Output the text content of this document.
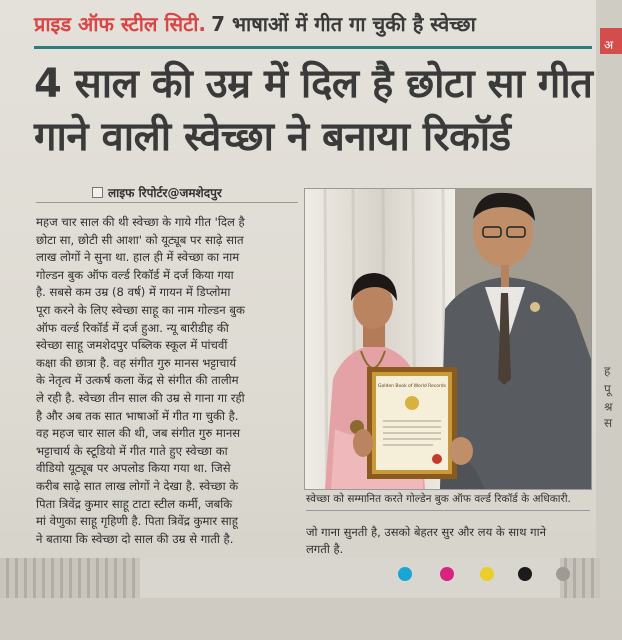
अ
ह
पू
श्र
स
प्राइड ऑफ स्टील सिटी. 7 भाषाओं में गीत गा चुकी है स्वेच्छा
4 साल की उम्र में दिल है छोटा सा गीत
गाने वाली स्वेच्छा ने बनाया रिकॉर्ड
लाइफ रिपोर्टर@जमशेदपुर
महज चार साल की थी स्वेच्छा के गाये गीत 'दिल है
छोटा सा, छोटी सी आशा' को यूट्यूब पर साढ़े सात
लाख लोगों ने सुना था. हाल ही में स्वेच्छा का नाम
गोल्डन बुक ऑफ वर्ल्ड रिकॉर्ड में दर्ज किया गया
है. सबसे कम उम्र (8 वर्ष) में गायन में डिप्लोमा
पूरा करने के लिए स्वेच्छा साहू का नाम गोल्डन बुक
ऑफ वर्ल्ड रिकॉर्ड में दर्ज हुआ. न्यू बारीडीह की
स्वेच्छा साहू जमशेदपुर पब्लिक स्कूल में पांचवीं
कक्षा की छात्रा है. वह संगीत गुरु मानस भट्टाचार्य
के नेतृत्व में उत्कर्ष कला केंद्र से संगीत की तालीम
ले रही है. स्वेच्छा तीन साल की उम्र से गाना गा रही
है और अब तक सात भाषाओं में गीत गा चुकी है.
वह महज चार साल की थी, जब संगीत गुरु मानस
भट्टाचार्य के स्टूडियो में गीत गाते हुए स्वेच्छा का
वीडियो यूट्यूब पर अपलोड किया गया था. जिसे
करीब साढ़े सात लाख लोगों ने देखा है. स्वेच्छा के
पिता त्रिवेंद्र कुमार साहू टाटा स्टील कर्मी, जबकि
मां वेणुका साहू गृहिणी है. पिता त्रिवेंद्र कुमार साहू
ने बताया कि स्वेच्छा दो साल की उम्र से गाती है.
Golden Book of World Records
स्वेच्छा को सम्मानित करते गोल्डेन बुक ऑफ वर्ल्ड रिकॉर्ड के अधिकारी.
जो गाना सुनती है, उसको बेहतर सुर और लय के साथ गाने
लगती है.
